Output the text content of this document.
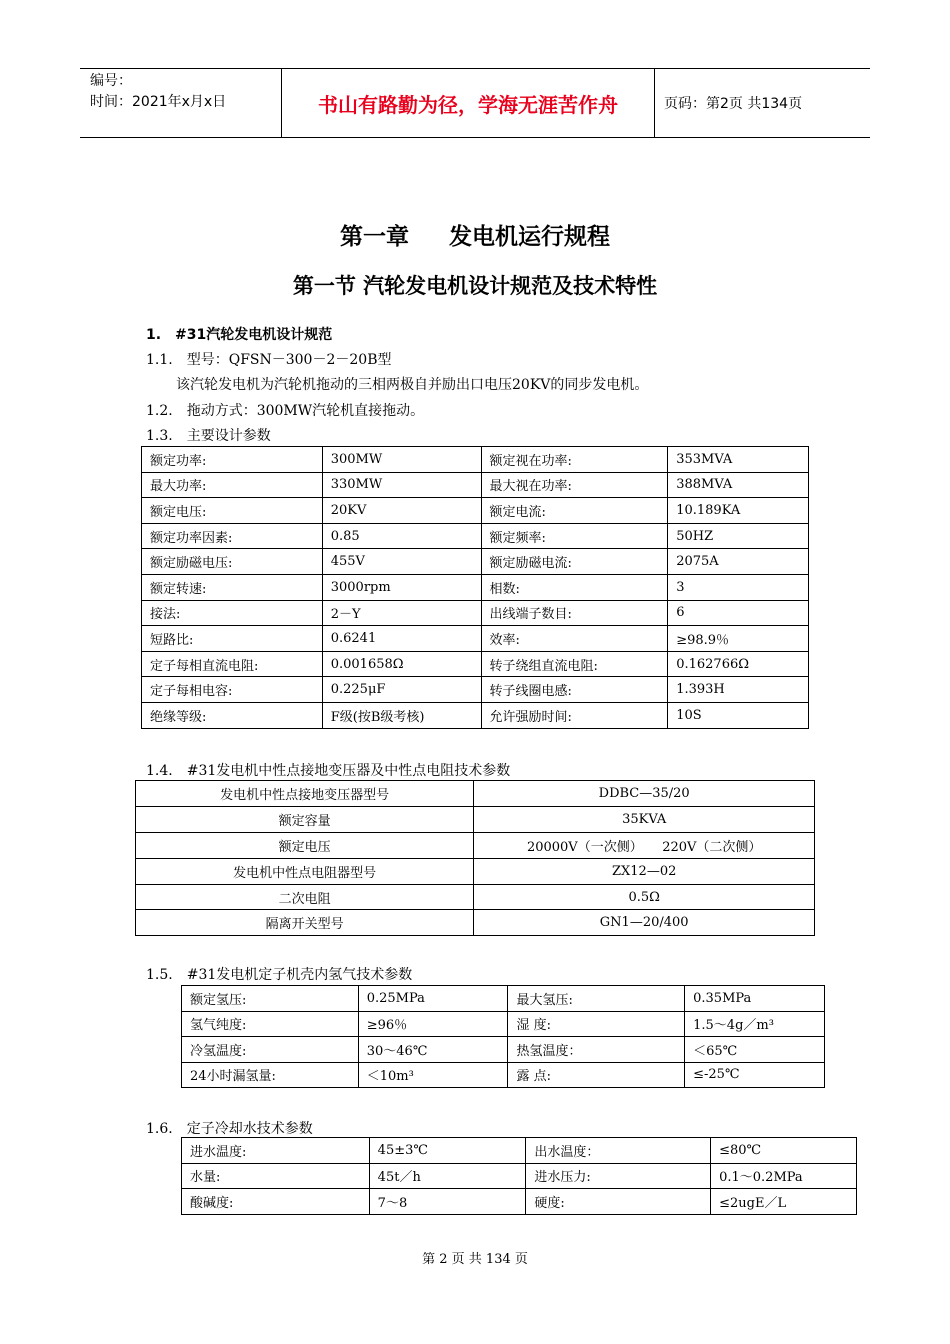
编号：
时间：2021年x月x日	书山有路勤为径，学海无涯苦作舟	页码：第2页 共134页
第一章 发电机运行规程
第一节 汽轮发电机设计规范及技术特性
1.　#31汽轮发电机设计规范
1.1.　型号：QFSN－300－2－20B型
该汽轮发电机为汽轮机拖动的三相两极自并励出口电压20KV的同步发电机。
1.2.　拖动方式：300MW汽轮机直接拖动。
1.3.　主要设计参数
额定功率:	300MW	额定视在功率:	353MVA
最大功率:	330MW	最大视在功率:	388MVA
额定电压:	20KV	额定电流:	10.189KA
额定功率因素:	0.85	额定频率:	50HZ
额定励磁电压:	455V	额定励磁电流:	2075A
额定转速:	3000rpm	相数:	3
接法:	2－Y	出线端子数目:	6
短路比:	0.6241	效率:	≥98.9％
定子每相直流电阻:	0.001658Ω	转子绕组直流电阻:	0.162766Ω
定子每相电容:	0.225μF	转子线圈电感:	1.393H
绝缘等级:	F级(按B级考核)	允许强励时间:	10S
1.4.　#31发电机中性点接地变压器及中性点电阻技术参数
发电机中性点接地变压器型号	DDBC—35/20
额定容量	35KVA
额定电压	20000V（一次侧）　　220V（二次侧）
发电机中性点电阻器型号	ZX12—02
二次电阻	0.5Ω
隔离开关型号	GN1—20/400
1.5.　#31发电机定子机壳内氢气技术参数
额定氢压:	0.25MPa	最大氢压:	0.35MPa
氢气纯度:	≥96％	湿 度:	1.5～4g／m³
冷氢温度:	30～46℃	热氢温度：	＜65℃
24小时漏氢量:	＜10m³	露 点:	≤-25℃
1.6.　定子冷却水技术参数
进水温度:	45±3℃	出水温度：	≤80℃
水量:	45t／h	进水压力:	0.1～0.2MPa
酸碱度:	7～8	硬度:	≤2ugE／L
第 2 页 共 134 页
